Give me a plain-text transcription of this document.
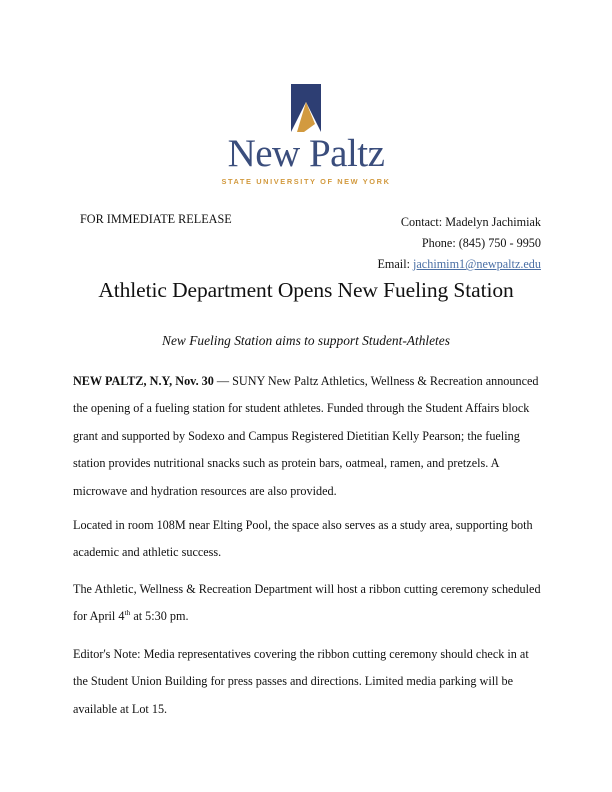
New Paltz
STATE UNIVERSITY OF NEW YORK
FOR IMMEDIATE RELEASE	Contact: Madelyn Jachimiak
Phone: (845) 750 - 9950
Email: jachimim1@newpaltz.edu
Athletic Department Opens New Fueling Station
New Fueling Station aims to support Student-Athletes

NEW PALTZ, N.Y, Nov. 30 — SUNY New Paltz Athletics, Wellness & Recreation announced the opening of a fueling station for student athletes. Funded through the Student Affairs block grant and supported by Sodexo and Campus Registered Dietitian Kelly Pearson; the fueling station provides nutritional snacks such as protein bars, oatmeal, ramen, and pretzels. A microwave and hydration resources are also provided.

Located in room 108M near Elting Pool, the space also serves as a study area, supporting both academic and athletic success.

The Athletic, Wellness & Recreation Department will host a ribbon cutting ceremony scheduled for April 4th at 5:30 pm.

Editor's Note: Media representatives covering the ribbon cutting ceremony should check in at the Student Union Building for press passes and directions. Limited media parking will be available at Lot 15.
